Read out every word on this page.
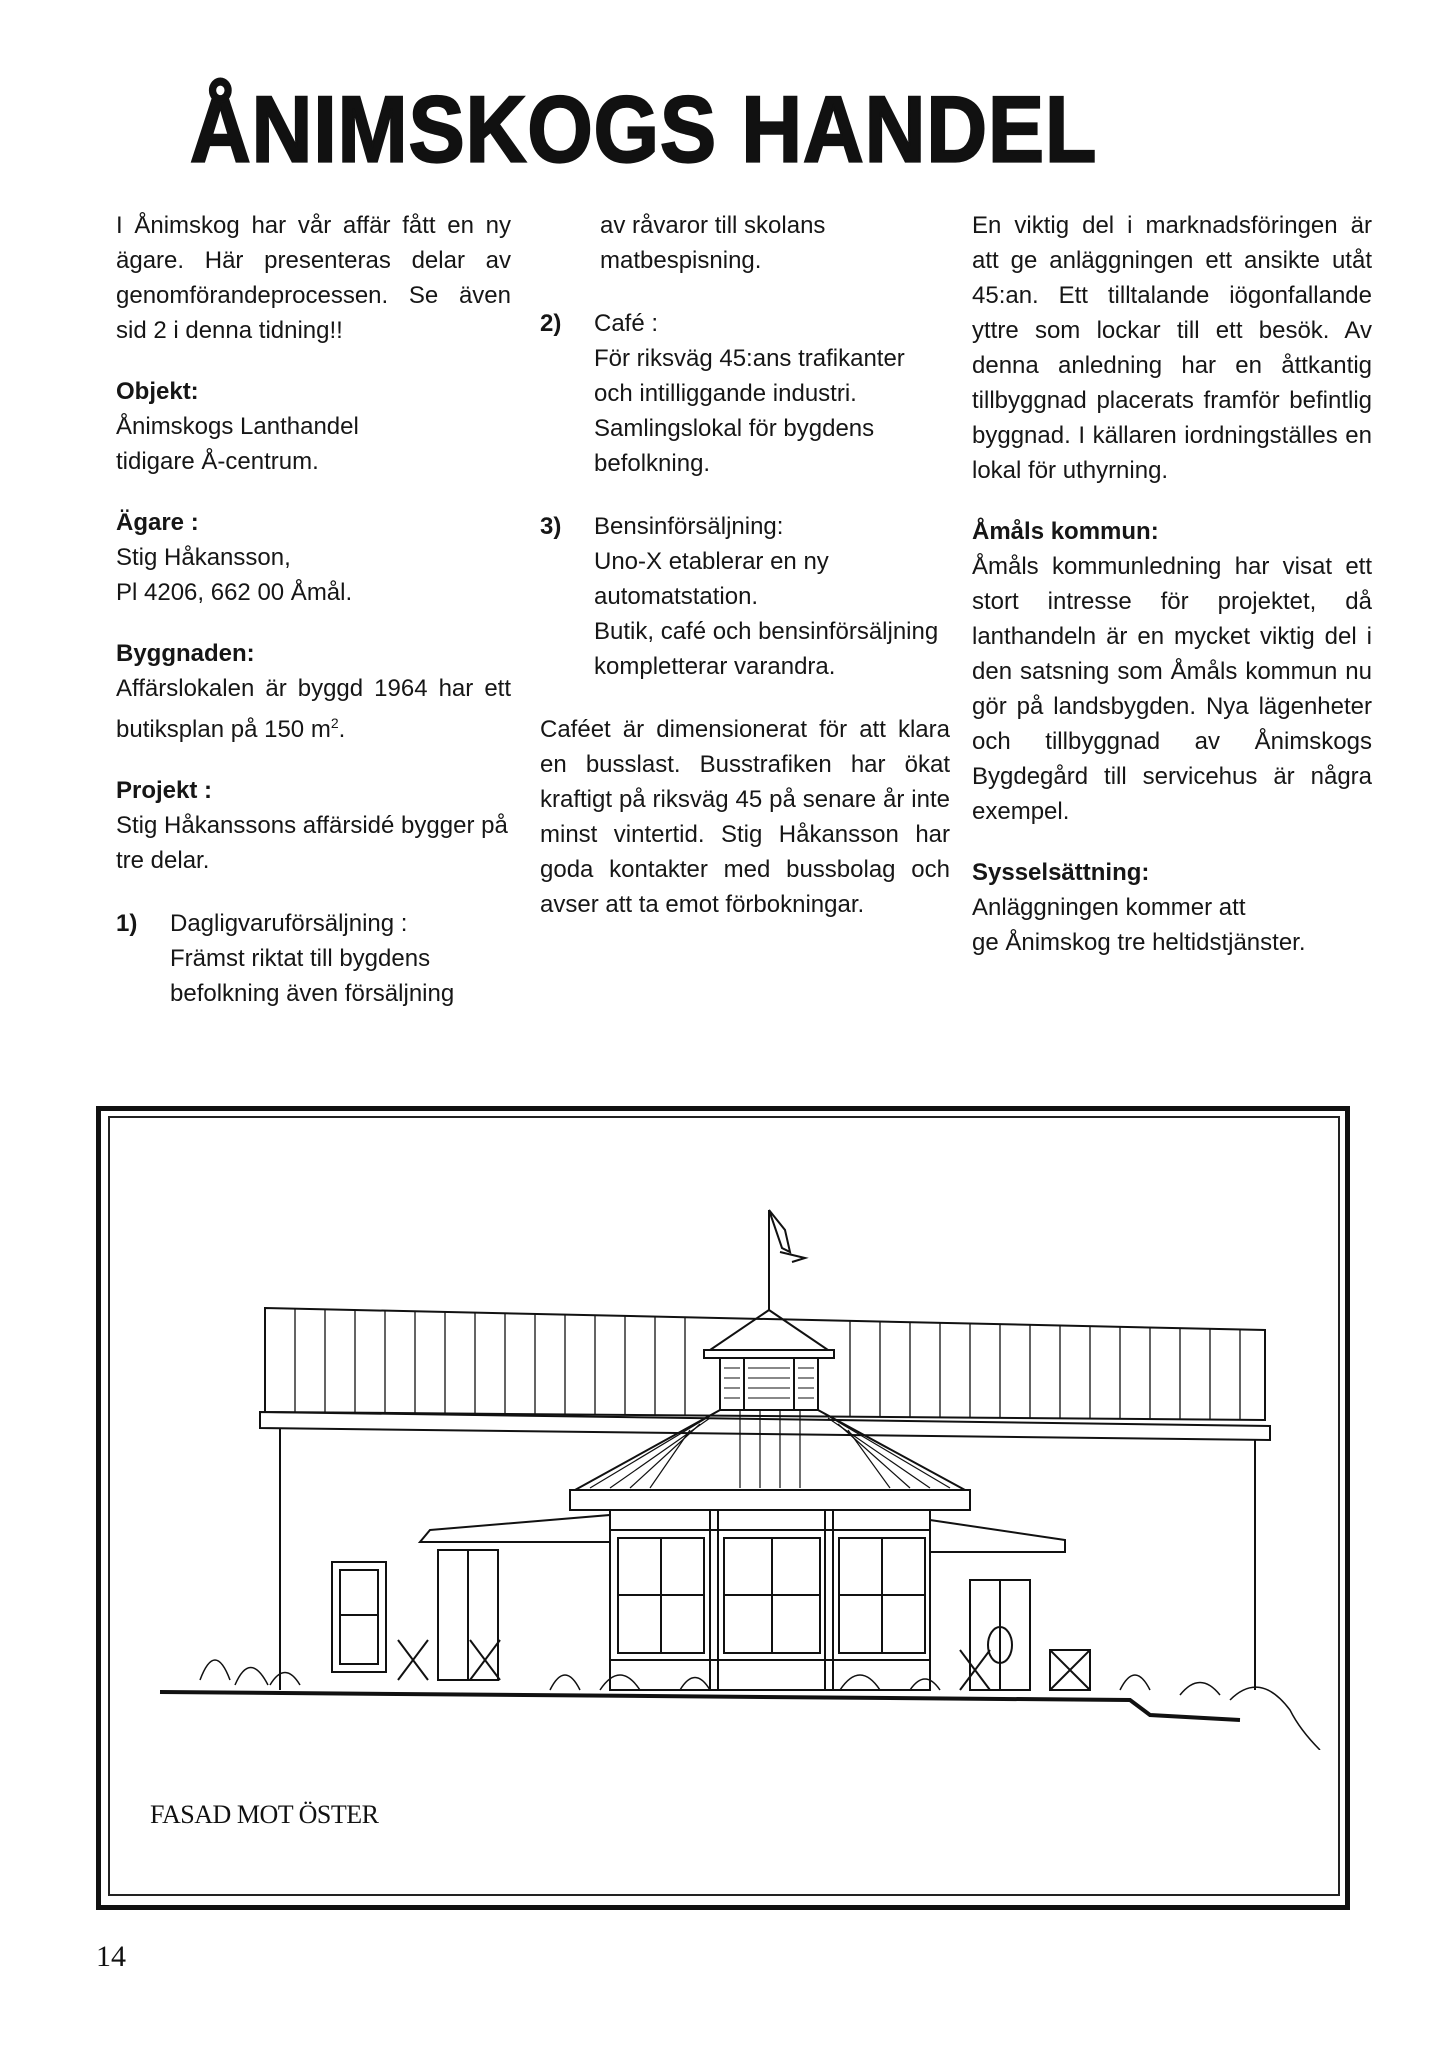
ÅNIMSKOGS HANDEL

I Ånimskog har vår affär fått en ny ägare. Här presenteras delar av genomförandeprocessen. Se även sid 2 i denna tidning!!

Objekt:

Ånimskogs Lanthandel

tidigare Å-centrum.

Ägare :

Stig Håkansson,

Pl 4206, 662 00 Åmål.

Byggnaden:

Affärslokalen är byggd 1964 har ett butiksplan på 150 $m^2$.

Projekt :

Stig Håkanssons affärsidé bygger på tre delar.

1)	Dagligvaruförsäljning :

Främst riktat till bygdens befolkning även försäljning

av råvaror till skolans matbespisning.

2)	Café :

För riksväg 45:ans trafikanter och intilliggande industri.

Samlingslokal för bygdens befolkning.

3)	Bensinförsäljning:

Uno-X etablerar en ny automatstation.

Butik, café och bensinförsäljning kompletterar varandra.

Caféet är dimensionerat för att klara en busslast. Busstrafiken har ökat kraftigt på riksväg 45 på senare år inte minst vintertid. Stig Håkansson har goda kontakter med bussbolag och avser att ta emot förbokningar.

En viktig del i marknadsföringen är att ge anläggningen ett ansikte utåt 45:an. Ett tilltalande iögonfallande yttre som lockar till ett besök. Av denna anledning har en åttkantig tillbyggnad placerats framför befintlig byggnad. I källaren iordningställes en lokal för uthyrning.

Åmåls kommun:

Åmåls kommunledning har visat ett stort intresse för projektet, då lanthandeln är en mycket viktig del i den satsning som Åmåls kommun nu gör på landsbygden. Nya lägenheter och tillbyggnad av Ånimskogs Bygdegård till servicehus är några exempel.

Sysselsättning:

Anläggningen kommer att

ge Ånimskog tre heltidstjänster.

FASAD MOT ÖSTER
14
